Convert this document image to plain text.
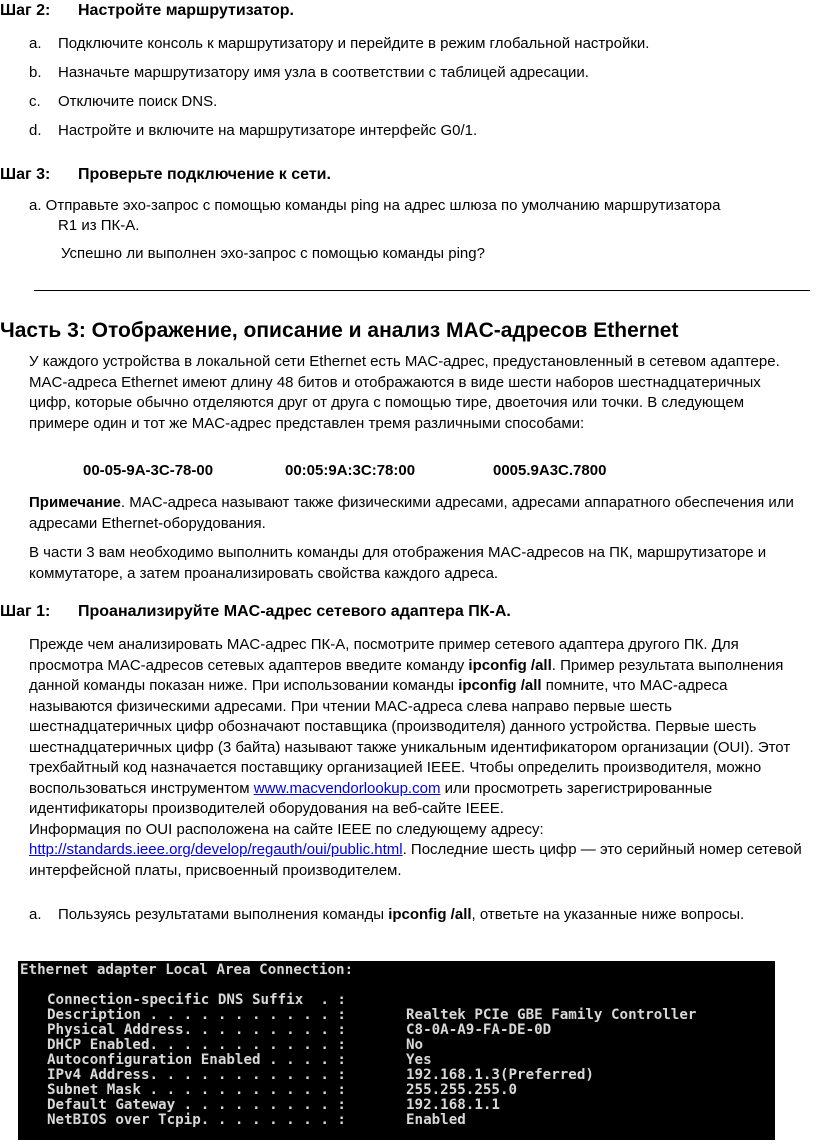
Шаг 2: Настройте маршрутизатор.
a. Подключите консоль к маршрутизатору и перейдите в режим глобальной настройки.
b. Назначьте маршрутизатору имя узла в соответствии с таблицей адресации.
c. Отключите поиск DNS.
d. Настройте и включите на маршрутизаторе интерфейс G0/1.
Шаг 3: Проверьте подключение к сети.
a. Отправьте эхо-запрос с помощью команды ping на адрес шлюза по умолчанию маршрутизатора
R1 из ПК-A.
Успешно ли выполнен эхо-запрос с помощью команды ping?
Часть 3: Отображение, описание и анализ MAC-адресов Ethernet
У каждого устройства в локальной сети Ethernet есть MAC-адрес, предустановленный в сетевом адаптере. MAC-адреса Ethernet имеют длину 48 битов и отображаются в виде шести наборов шестнадцатеричных цифр, которые обычно отделяются друг от друга с помощью тире, двоеточия или точки. В следующем примере один и тот же MAC-адрес представлен тремя различными способами:
00-05-9A-3C-78-00	00:05:9A:3C:78:00	0005.9A3C.7800
Примечание. MAC-адреса называют также физическими адресами, адресами аппаратного обеспечения или адресами Ethernet-оборудования.
В части 3 вам необходимо выполнить команды для отображения MAC-адресов на ПК, маршрутизаторе и коммутаторе, а затем проанализировать свойства каждого адреса.
Шаг 1: Проанализируйте MAC-адрес сетевого адаптера ПК-A.
Прежде чем анализировать MAC-адрес ПК-A, посмотрите пример сетевого адаптера другого ПК. Для просмотра MAC-адресов сетевых адаптеров введите команду ipconfig /all. Пример результата выполнения данной команды показан ниже. При использовании команды ipconfig /all помните, что MAC-адреса называются физическими адресами. При чтении MAC-адреса слева направо первые шесть шестнадцатеричных цифр обозначают поставщика (производителя) данного устройства. Первые шесть шестнадцатеричных цифр (3 байта) называют также уникальным идентификатором организации (OUI). Этот трехбайтный код назначается поставщику организацией IEEE. Чтобы определить производителя, можно воспользоваться инструментом www.macvendorlookup.com или просмотреть зарегистрированные идентификаторы производителей оборудования на веб-сайте IEEE.
Информация по OUI расположена на сайте IEEE по следующему адресу: http://standards.ieee.org/develop/regauth/oui/public.html. Последние шесть цифр — это серийный номер сетевой интерфейсной платы, присвоенный производителем.
a. Пользуясь результатами выполнения команды ipconfig /all, ответьте на указанные ниже вопросы.
Ethernet adapter Local Area Connection:
Connection-specific DNS Suffix  . :
Description . . . . . . . . . . . :	Realtek PCIe GBE Family Controller
Physical Address. . . . . . . . . :	C8-0A-A9-FA-DE-0D
DHCP Enabled. . . . . . . . . . . :	No
Autoconfiguration Enabled . . . . :	Yes
IPv4 Address. . . . . . . . . . . :	192.168.1.3(Preferred)
Subnet Mask . . . . . . . . . . . :	255.255.255.0
Default Gateway . . . . . . . . . :	192.168.1.1
NetBIOS over Tcpip. . . . . . . . :	Enabled
